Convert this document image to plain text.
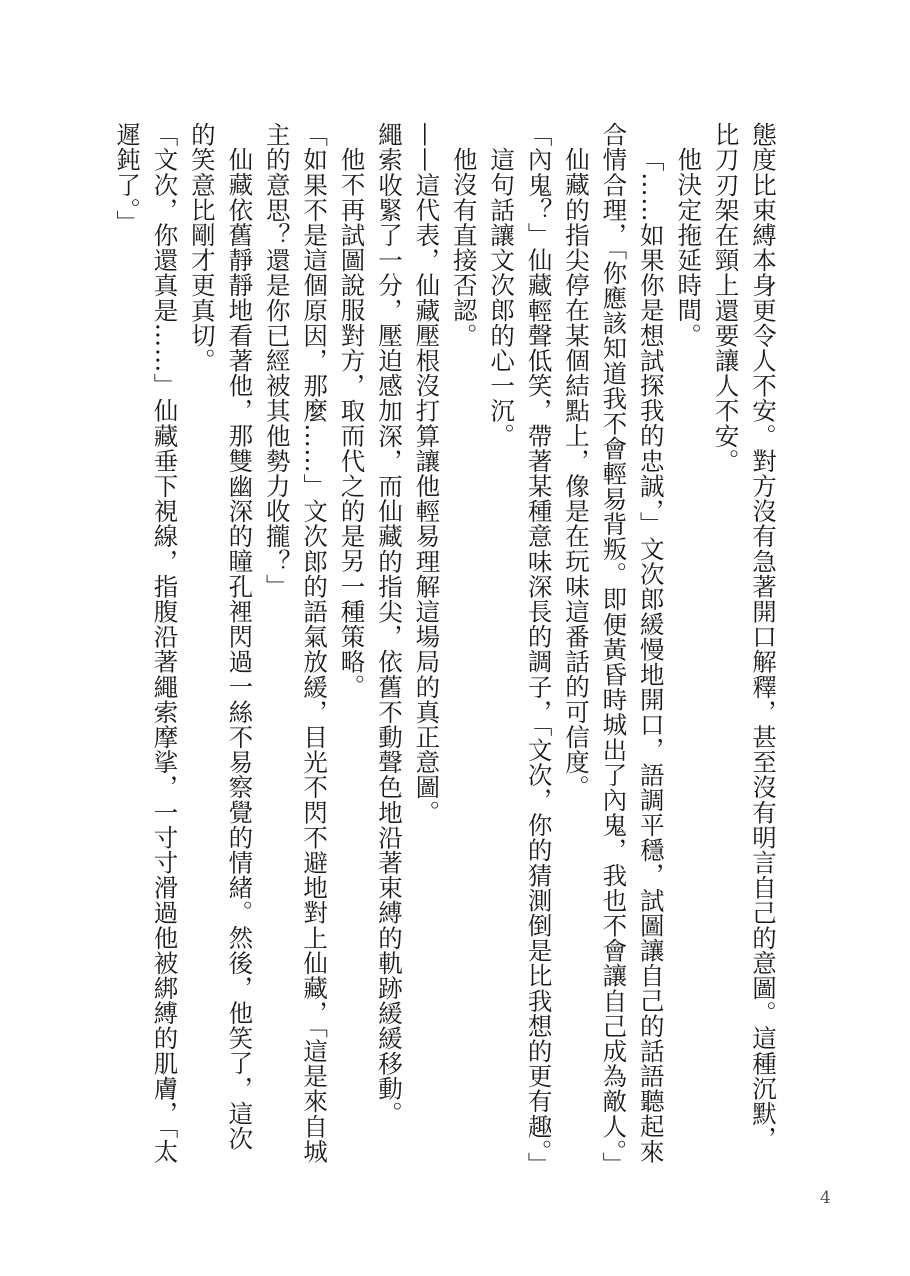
態度比束縛本身更令人不安。對方沒有急著開口解釋，甚至沒有明言自己的意圖。這種沉默，比刀刃架在頸上還要讓人不安。

他決定拖延時間。

「……如果你是想試探我的忠誠，」文次郎緩慢地開口，語調平穩，試圖讓自己的話語聽起來合情合理，「你應該知道我不會輕易背叛。即便黃昏時城出了內鬼，我也不會讓自己成為敵人。」

仙藏的指尖停在某個結點上，像是在玩味這番話的可信度。

「內鬼？」仙藏輕聲低笑，帶著某種意味深長的調子，「文次，你的猜測倒是比我想的更有趣。」

這句話讓文次郎的心一沉。

他沒有直接否認。

——這代表，仙藏壓根沒打算讓他輕易理解這場局的真正意圖。

繩索收緊了一分，壓迫感加深，而仙藏的指尖，依舊不動聲色地沿著束縛的軌跡緩緩移動。

他不再試圖說服對方，取而代之的是另一種策略。

「如果不是這個原因，那麼……」文次郎的語氣放緩，目光不閃不避地對上仙藏，「這是來自城主的意思？還是你已經被其他勢力收攏？」

仙藏依舊靜靜地看著他，那雙幽深的瞳孔裡閃過一絲不易察覺的情緒。然後，他笑了，這次的笑意比剛才更真切。

「文次，你還真是……」仙藏垂下視線，指腹沿著繩索摩挲，一寸寸滑過他被綁縛的肌膚，「太遲鈍了。」

4
